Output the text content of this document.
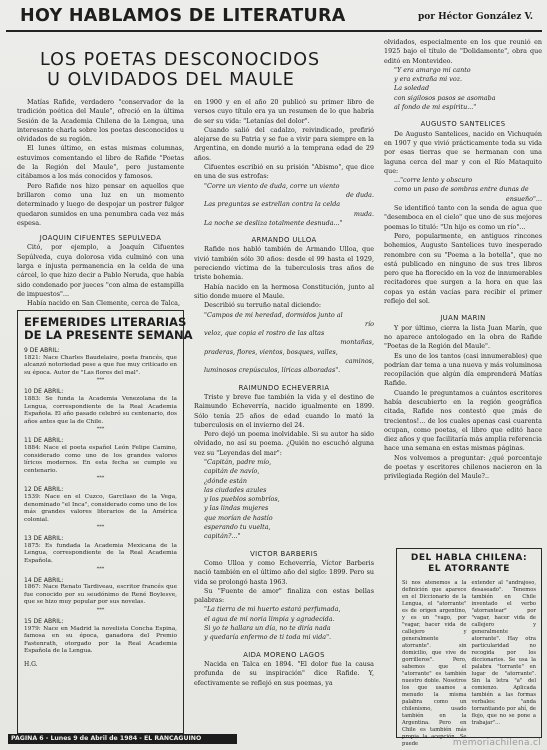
HOY HABLAMOS DE LITERATURA	por Héctor González V.
LOS POETAS DESCONOCIDOS
U OLVIDADOS DEL MAULE

Matías Rafide, verdadero "conservador de la tradición poética del Maule", ofreció en la última Sesión de la Academia Chilena de la Lengua, una interesante charla sobre los poetas desconocidos u olvidados de su región.

El lunes último, en estas mismas columnas, estuvimos comentando el libro de Rafide "Poetas de la Región del Maule", pero justamente citábamos a los más conocidos y famosos.

Pero Rafide nos hizo pensar en aquellos que brillaron como una luz en un momento determinado y luego de despojar un postrer fulgor quedaron sumidos en una penumbra cada vez más espesa.

JOAQUIN CIFUENTES SEPULVEDA

Citó, por ejemplo, a Joaquín Cifuentes Sepúlveda, cuya dolorosa vida culminó con una larga e injusta permanencia en la celda de una cárcel, lo que hizo decir a Pablo Neruda, que había sido condenado por jueces "con alma de estampilla de impuestos"...

Había nacido en San Clemente, cerca de Talca,

EFEMERIDES LITERARIAS
DE LA PRESENTE SEMANA
9 DE ABRIL:
1821: Nace Charles Baudelaire, poeta francés, que alcanzó notoriedad pese a que fue muy criticado en su época. Autor de "Las flores del mal".
***
10 DE ABRIL:
1883: Se funda la Academia Venezolana de la Lengua, correspondiente de la Real Academia Española. El año pasado celebró su centenario, dos años antes que la de Chile.
***
11 DE ABRIL:
1884: Nace el poeta español León Felipe Camino, considerado como uno de los grandes valores líricos modernos. En esta fecha se cumple su centenario.
***
12 DE ABRIL:
1539: Nace en el Cuzco, Garcilaso de la Vega, denominado "el Inca", considerado como uno de los más grandes valores literarios de la América colonial.
***
13 DE ABRIL:
1875: Es fundada la Academia Mexicana de la Lengua, correspondiente de la Real Academia Española.
***
14 DE ABRIL:
1867: Nace Renato Tardiveau, escritor francés que fue conocido por su seudónimo de René Boylesve, que se hizo muy popular por sus novelas.
***
15 DE ABRIL:
1979: Nace en Madrid la novelista Concha Espina, famosa en su época, ganadora del Premio Fastenrath, otorgado por la Real Academia Española de la Lengua.
H.G.

en 1900 y en el año 20 publicó su primer libro de versos cuyo título era ya un resumen de lo que habría de ser su vida: "Letanías del dolor".

Cuando salió del cadalzo, reivindicado, prefirió alejarse de su Patria y se fue a vivir para siempre en la Argentina, en donde murió a la temprana edad de 29 años.

Cifuentes escribió en su prisión "Abismo", que dice en una de sus estrofas:

"Corre un viento de duda, corre un viento

de duda.

Las preguntas se estrellan contra la celda

muda.

La noche se desliza totalmente desnuda..."

ARMANDO ULLOA

Rafide nos habló también de Armando Ulloa, que vivió también sólo 30 años: desde el 99 hasta el 1929, pereciendo víctima de la tuberculosis tras años de triste bohemia.

Había nacido en la hermosa Constitución, junto al sitio donde muere el Maule.

Describió su terruño natal diciendo:

"Campos de mi heredad, dormidos junto al

río

veloz, que copia el rostro de las altas

montañas,

praderas, flores, vientos, bosques, valles,

caminos,

luminosos crepúsculos, líricas alboradas".

RAIMUNDO ECHEVERRIA

Triste y breve fue también la vida y el destino de Raimundo Echeverría, nacido igualmente en 1899. Sólo tenía 25 años de edad cuando lo mató la tuberculosis en el invierno del 24.

Pero dejó un poema inolvidable. Si su autor ha sido olvidado, no así su poema. ¿Quién no escuchó alguna vez su "Leyendas del mar":

"Capitán, padre mío,

capitán de navío,

¿dónde están

las ciudades azules

y los pueblos sombríos,

y las lindas mujeres

que morían de hastío

esperando tu vuelta,

capitán?..."

VICTOR BARBERIS

Como Ulloa y como Echeverría, Víctor Barberis nació también en el último año del siglo: 1899. Pero su vida se prolongó hasta 1963.

Su "Fuente de amor" finaliza con estas bellas palabras:

"La tierra de mi huerto estará perfumada,

el agua de mi noria limpia y agradecida.

Si yo te hallara un día, no te diría nada

y quedaría enfermo de ti toda mi vida".

AIDA MORENO LAGOS

Nacida en Talca en 1894. "El dolor fue la causa profunda de su inspiración" dice Rafide. Y, efectivamente se reflejó en sus poemas, ya

olvidados, especialmente en los que reunió en 1925 bajo el título de "Dolidamente", obra que editó en Montevideo.

"Y era amargo mi canto

y era extraña mi voz.

La soledad

con sigilosos pasos se asomaba

al fondo de mi espíritu..."

AUGUSTO SANTELICES

De Augusto Santelices, nacido en Vichuquén en 1907 y que vivió prácticamente toda su vida por esas tierras que se hermanan con una laguna cerca del mar y con el Río Mataquito que:

..."corre lento y obscuro

como un paso de sombras entre dunas de

ensueño"...

Se identificó tanto con la senda de agua que "desemboca en el cielo" que uno de sus mejores poemas lo tituló: "Un hijo es como un río"...

Pero, popularmente, en antiguos rincones bohemios, Augusto Santelices tuvo inesperado renombre con su "Poema a la botella", que no está publicado en ninguno de sus tres libros pero que ha florecido en la voz de innumerables recitadores que surgen a la hora en que las copas ya están vacías para recibir el primer reflejo del sol.

JUAN MARIN

Y por último, cierra la lista Juan Marín, que no aparece antologado en la obra de Rafide "Poetas de la Región del Maule".

Es uno de los tantos (casi innumerables) que podrían dar tema a una nueva y más voluminosa recopilación que algún día emprenderá Matías Rafide.

Cuando le preguntamos a cuántos escritores había descubierto en la región geográfica citada, Rafide nos contestó que ¡más de trecientos!... de los cuales apenas casi cuarenta ocupan, como poetas, el libro que editó hace diez años y que facilitaría más amplia referencia hace una semana en estas mismas páginas.

Nos volvemos a preguntar: ¿qué porcentaje de poetas y escritores chilenos nacieron en la privilegiada Región del Maule?..

DEL HABLA CHILENA:
EL ATORRANTE
Si nos atenemos a la definición que aparece en el Diccionario de la Lengua, el "atorrante" es de origen argentino, y es un "vago, por "vagar, hacer vida de callejero y generalmente atorrante". sin domicilio, que vive de gorrilleros". Pero, sabemos que el "atorrante" es también nuestro doble. Nosotros los que usamos a menudo la misma palabra como un chilenismo, usado también en la Argentina. Pero en Chile es también más propia la acepción. Se puede
extender al "andrajoso, desaseado". Tenemos también en Chile inventado el verbo "atorrantear" por "vagar, hacer vida de callejero y generalmente atorrante". Hay otra particularidad no recogida por los diccionarios. Se usa la palabra "torrante" en lugar de "atorrante". Sin la letra "a" del comienzo. Aplicada también a las formas verbales: "anda torrantiando por ahí, de flojo, que no se pone a trabajar"...
PAGINA 6 - Lunes 9 de Abril de 1984 - EL RANCAGUINO	memoriachilena.cl
